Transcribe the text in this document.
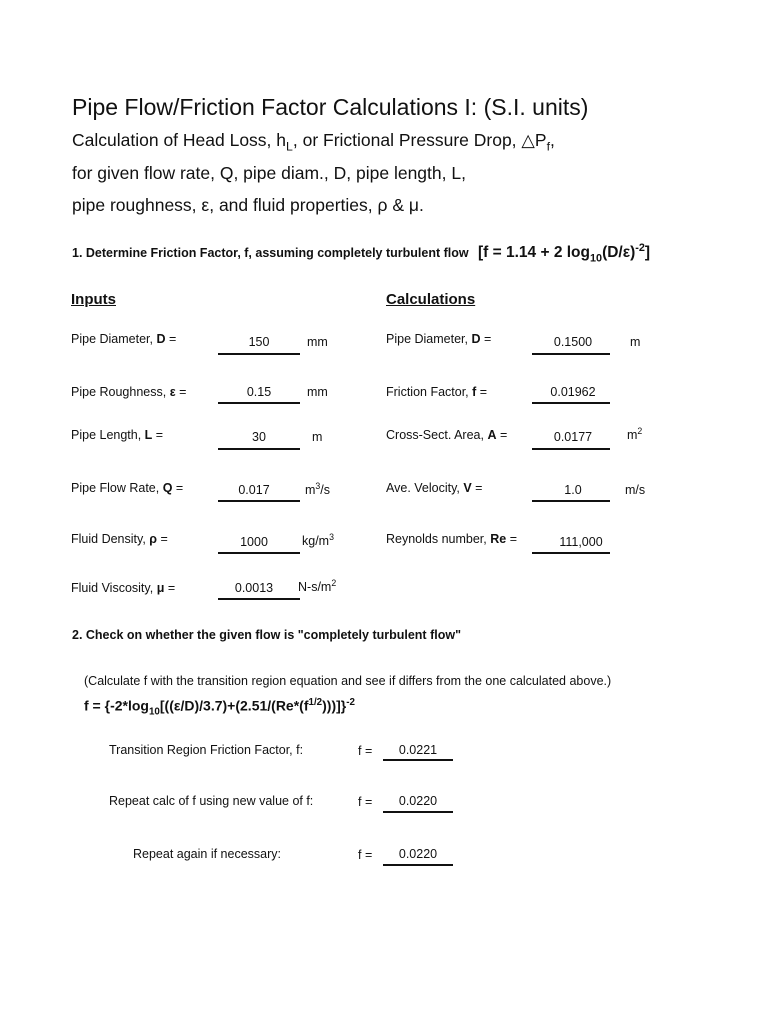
Pipe Flow/Friction Factor Calculations I: (S.I. units)
Calculation of Head Loss, $h_L$, or Frictional Pressure Drop, $\triangle P_f$,
for given flow rate, Q, pipe diam., D, pipe length, L,
pipe roughness, ε, and fluid properties, ρ & μ.
1. Determine Friction Factor, f, assuming completely turbulent flow [f = 1.14 + 2 $\log_{10}(D/\varepsilon)^{-2}$]
Inputs	Calculations
Pipe Diameter, D =	150	mm
Pipe Roughness, ε =	0.15	mm
Pipe Length, L =	30	m
Pipe Flow Rate, Q =	0.017	$m^3/s$
Fluid Density, ρ =	1000	$kg/m^3$
Fluid Viscosity, μ =	0.0013	$N-s/m^2$
Pipe Diameter, D =	0.1500	m
Friction Factor, f =	0.01962
Cross-Sect. Area, A =	0.0177	$m^2$
Ave. Velocity, V =	1.0	m/s
Reynolds number, Re =	111,000
2. Check on whether the given flow is "completely turbulent flow"
(Calculate f with the transition region equation and see if differs from the one calculated above.)
$f = \{-2*\log_{10}[((\varepsilon/D)/3.7)+(2.51/(Re*(f^{1/2})))]\}^{-2}$
Transition Region Friction Factor, f:	f =	0.0221
Repeat calc of f using new value of f:	f =	0.0220
Repeat again if necessary:	f =	0.0220
